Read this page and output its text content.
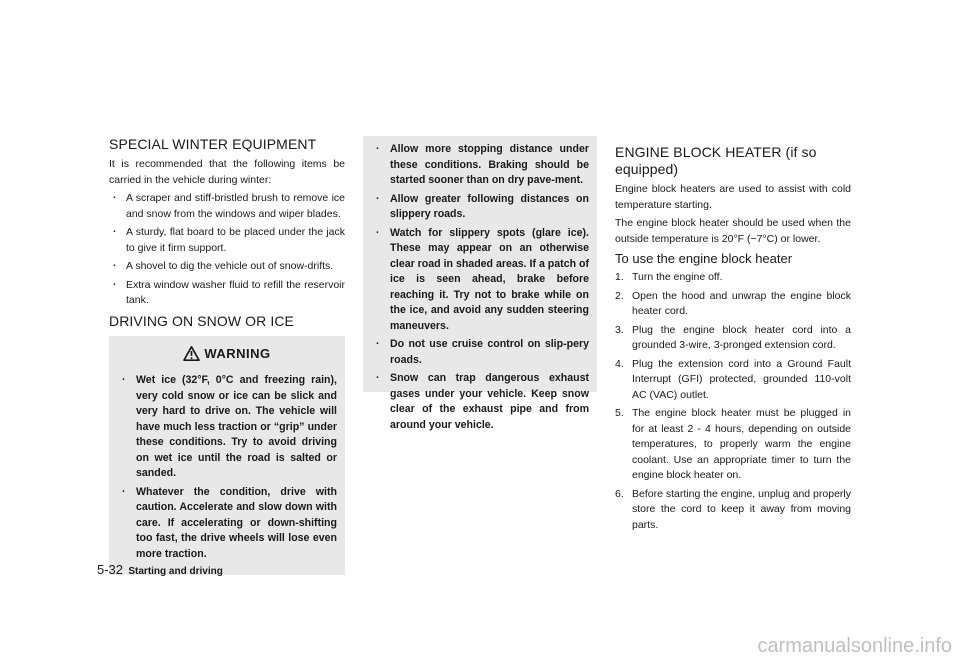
SPECIAL WINTER EQUIPMENT

It is recommended that the following items be carried in the vehicle during winter:

. A scraper and stiff-bristled brush to remove ice and snow from the windows and wiper blades.
. A sturdy, flat board to be placed under the jack to give it firm support.
. A shovel to dig the vehicle out of snow-drifts.
. Extra window washer fluid to refill the reservoir tank.
DRIVING ON SNOW OR ICE
WARNING
. Wet ice (32°F, 0°C and freezing rain), very cold snow or ice can be slick and very hard to drive on. The vehicle will have much less traction or “grip” under these conditions. Try to avoid driving on wet ice until the road is salted or sanded.
. Whatever the condition, drive with caution. Accelerate and slow down with care. If accelerating or down-shifting too fast, the drive wheels will lose even more traction.
. Allow more stopping distance under these conditions. Braking should be started sooner than on dry pave-ment.
. Allow greater following distances on slippery roads.
. Watch for slippery spots (glare ice). These may appear on an otherwise clear road in shaded areas. If a patch of ice is seen ahead, brake before reaching it. Try not to brake while on the ice, and avoid any sudden steering maneuvers.
. Do not use cruise control on slip-pery roads.
. Snow can trap dangerous exhaust gases under your vehicle. Keep snow clear of the exhaust pipe and from around your vehicle.
ENGINE BLOCK HEATER (if so equipped)

Engine block heaters are used to assist with cold temperature starting.

The engine block heater should be used when the outside temperature is 20°F (−7°C) or lower.

To use the engine block heater
1. Turn the engine off.
2. Open the hood and unwrap the engine block heater cord.
3. Plug the engine block heater cord into a grounded 3-wire, 3-pronged extension cord.
4. Plug the extension cord into a Ground Fault Interrupt (GFI) protected, grounded 110-volt AC (VAC) outlet.
5. The engine block heater must be plugged in for at least 2 - 4 hours, depending on outside temperatures, to properly warm the engine coolant. Use an appropriate timer to turn the engine block heater on.
6. Before starting the engine, unplug and properly store the cord to keep it away from moving parts.
5-32 Starting and driving
carmanualsonline.info
